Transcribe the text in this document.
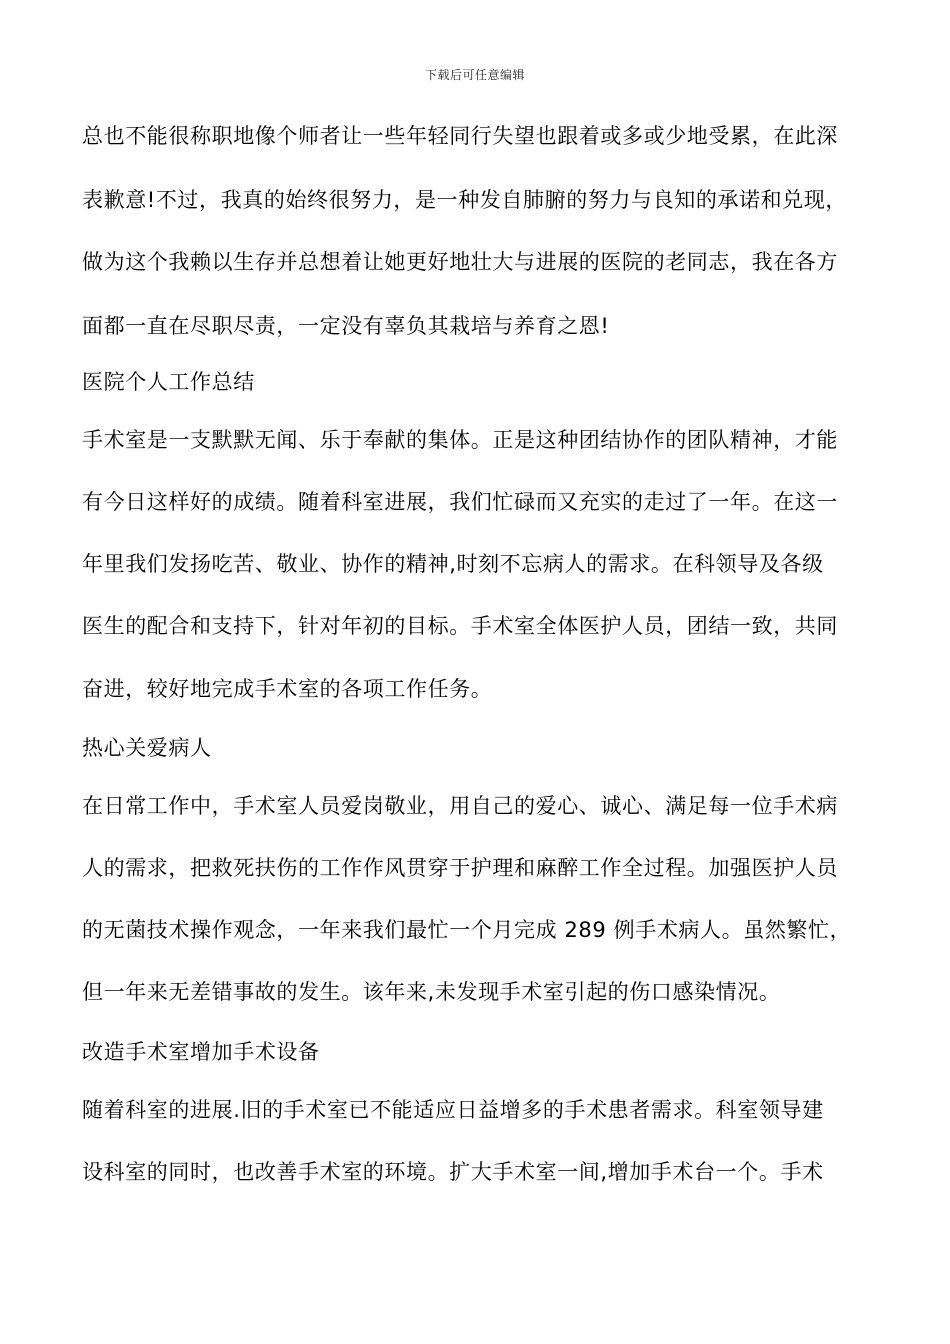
下载后可任意编辑
总也不能很称职地像个师者让一些年轻同行失望也跟着或多或少地受累，在此深
表歉意!不过，我真的始终很努力，是一种发自肺腑的努力与良知的承诺和兑现，
做为这个我赖以生存并总想着让她更好地壮大与进展的医院的老同志，我在各方
面都一直在尽职尽责，一定没有辜负其栽培与养育之恩!
医院个人工作总结
手术室是一支默默无闻、乐于奉献的集体。正是这种团结协作的团队精神，才能
有今日这样好的成绩。随着科室进展，我们忙碌而又充实的走过了一年。在这一
年里我们发扬吃苦、敬业、协作的精神,时刻不忘病人的需求。在科领导及各级
医生的配合和支持下，针对年初的目标。手术室全体医护人员，团结一致，共同
奋进，较好地完成手术室的各项工作任务。
热心关爱病人
在日常工作中，手术室人员爱岗敬业，用自己的爱心、诚心、满足每一位手术病
人的需求，把救死扶伤的工作作风贯穿于护理和麻醉工作全过程。加强医护人员
的无菌技术操作观念，一年来我们最忙一个月完成 289 例手术病人。虽然繁忙，
但一年来无差错事故的发生。该年来,未发现手术室引起的伤口感染情况。
改造手术室增加手术设备
随着科室的进展.旧的手术室已不能适应日益增多的手术患者需求。科室领导建
设科室的同时，也改善手术室的环境。扩大手术室一间,增加手术台一个。手术
